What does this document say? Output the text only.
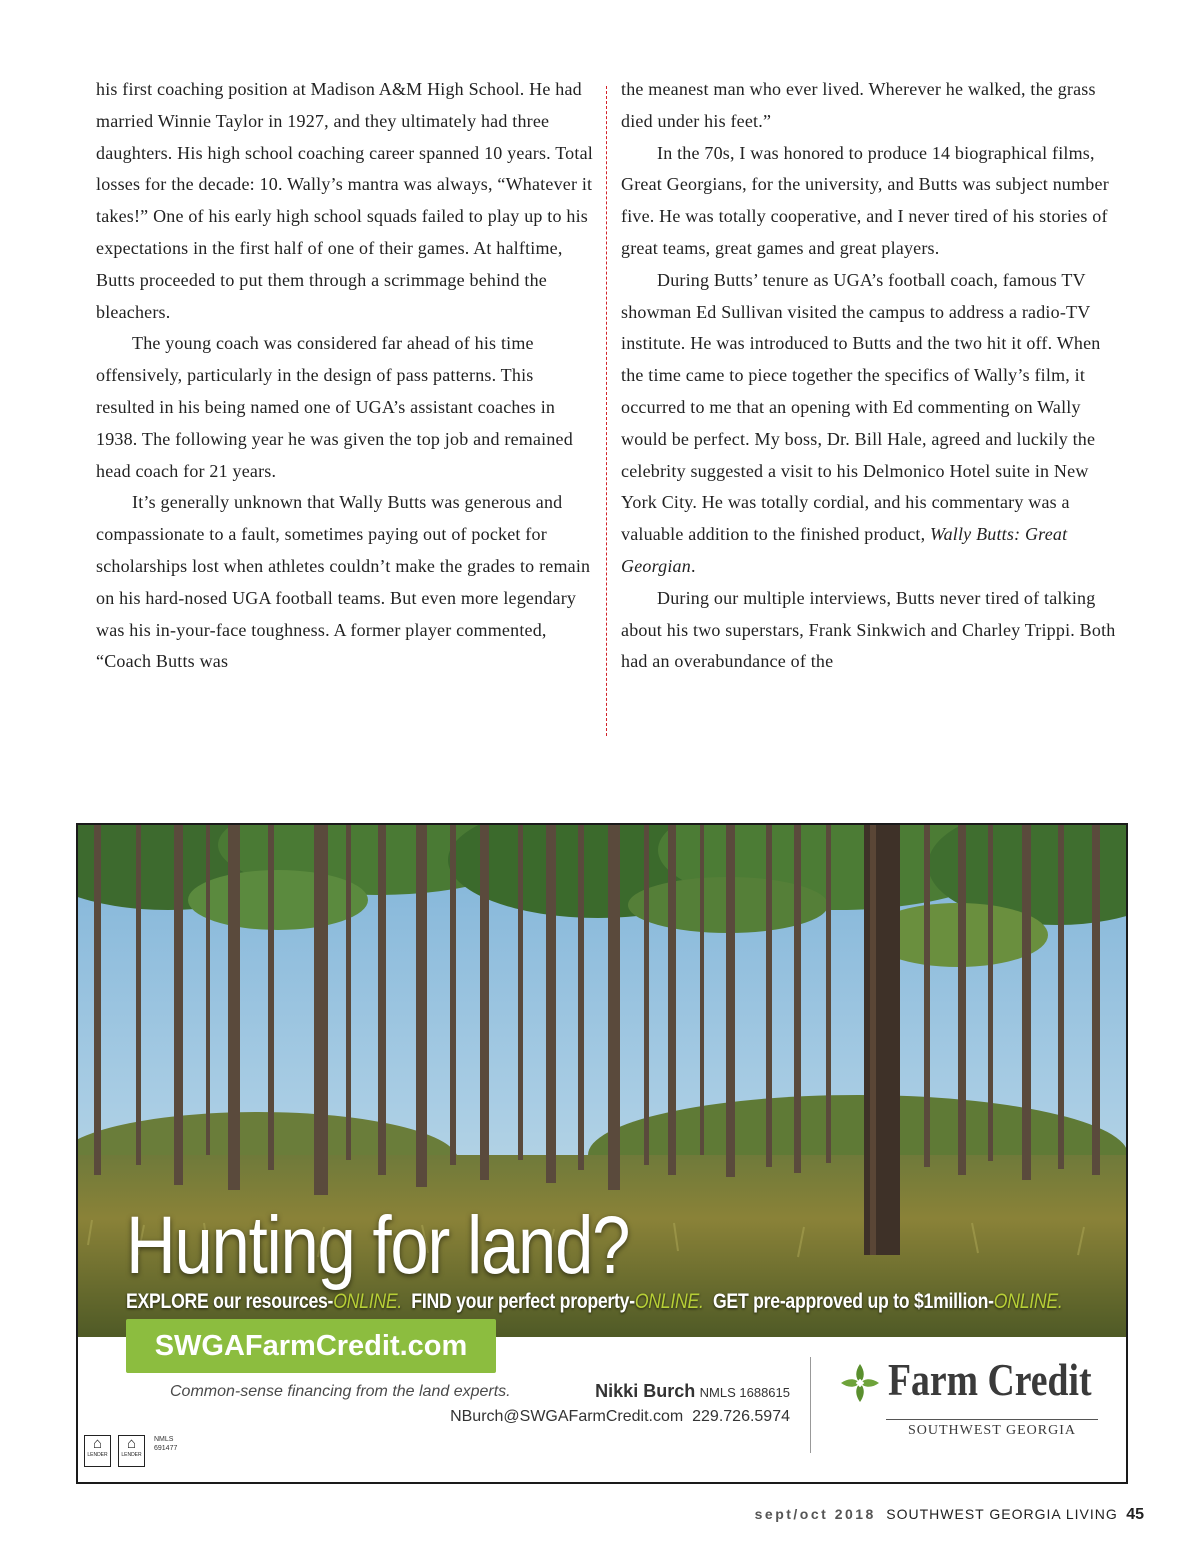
his first coaching position at Madison A&M High School. He had married Winnie Taylor in 1927, and they ultimately had three daughters. His high school coaching career spanned 10 years. Total losses for the decade: 10. Wally’s mantra was always, “Whatever it takes!” One of his early high school squads failed to play up to his expectations in the first half of one of their games. At halftime, Butts proceeded to put them through a scrimmage behind the bleachers.

The young coach was considered far ahead of his time offensively, particularly in the design of pass patterns. This resulted in his being named one of UGA’s assistant coaches in 1938. The following year he was given the top job and remained head coach for 21 years.

It’s generally unknown that Wally Butts was generous and compassionate to a fault, sometimes paying out of pocket for scholarships lost when athletes couldn’t make the grades to remain on his hard-nosed UGA football teams. But even more legendary was his in-your-face toughness. A former player commented, “Coach Butts was

the meanest man who ever lived. Wherever he walked, the grass died under his feet.”

In the 70s, I was honored to produce 14 biographical films, Great Georgians, for the university, and Butts was subject number five. He was totally cooperative, and I never tired of his stories of great teams, great games and great players.

During Butts’ tenure as UGA’s football coach, famous TV showman Ed Sullivan visited the campus to address a radio-TV institute. He was introduced to Butts and the two hit it off. When the time came to piece together the specifics of Wally’s film, it occurred to me that an opening with Ed commenting on Wally would be perfect. My boss, Dr. Bill Hale, agreed and luckily the celebrity suggested a visit to his Delmonico Hotel suite in New York City. He was totally cordial, and his commentary was a valuable addition to the finished product, Wally Butts: Great Georgian.

During our multiple interviews, Butts never tired of talking about his two superstars, Frank Sinkwich and Charley Trippi. Both had an overabundance of the

Hunting for land?
EXPLORE our resources-ONLINE. FIND your perfect property-ONLINE. GET pre-approved up to $1million-ONLINE.
SWGAFarmCredit.com
Common-sense financing from the land experts.
⌂
LENDER

⌂
LENDER

NMLS
691477
Nikki Burch NMLS 1688615
NBurch@SWGAFarmCredit.com 229.726.5974
Farm Credit
SOUTHWEST GEORGIA
sept/oct 2018 SOUTHWEST GEORGIA LIVING 45
